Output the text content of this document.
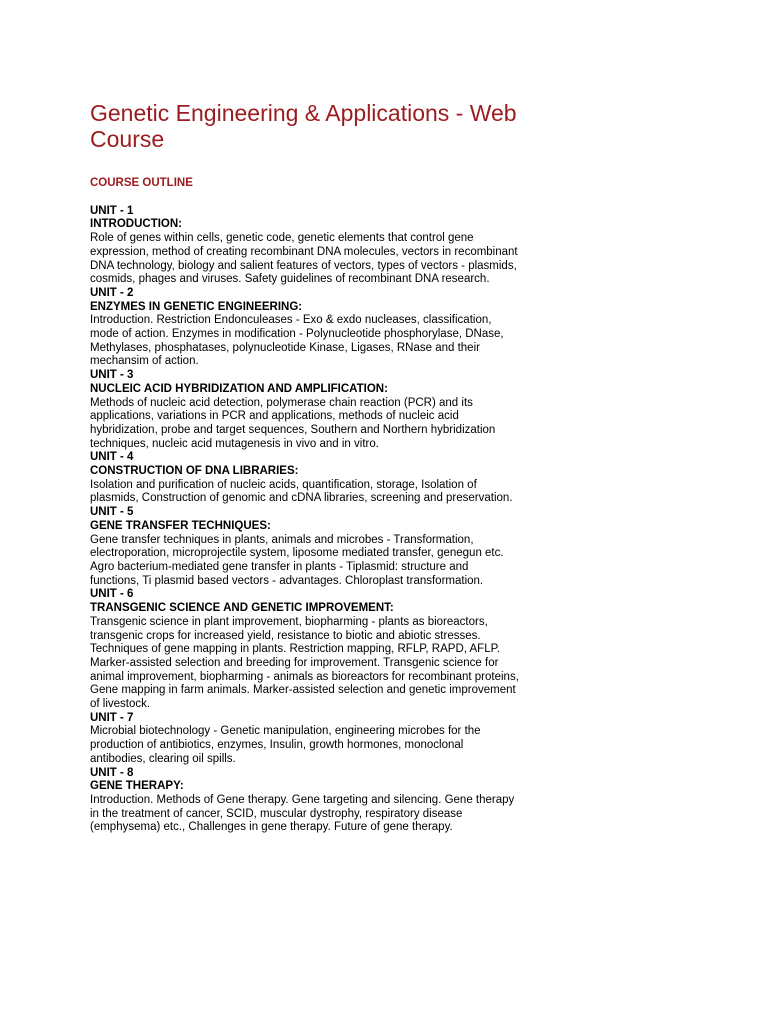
Genetic Engineering & Applications - Web Course
COURSE OUTLINE
UNIT - 1
INTRODUCTION:
Role of genes within cells, genetic code, genetic elements that control gene expression, method of creating recombinant DNA molecules, vectors in recombinant DNA technology, biology and salient features of vectors, types of vectors - plasmids, cosmids, phages and viruses. Safety guidelines of recombinant DNA research.
UNIT - 2
ENZYMES IN GENETIC ENGINEERING:
Introduction. Restriction Endonculeases - Exo & exdo nucleases, classification, mode of action. Enzymes in modification - Polynucleotide phosphorylase, DNase, Methylases, phosphatases, polynucleotide Kinase, Ligases, RNase and their mechansim of action.
UNIT - 3
NUCLEIC ACID HYBRIDIZATION AND AMPLIFICATION:
Methods of nucleic acid detection, polymerase chain reaction (PCR) and its applications, variations in PCR and applications, methods of nucleic acid hybridization, probe and target sequences, Southern and Northern hybridization techniques, nucleic acid mutagenesis in vivo and in vitro.
UNIT - 4
CONSTRUCTION OF DNA LIBRARIES:
Isolation and purification of nucleic acids, quantification, storage, Isolation of plasmids, Construction of genomic and cDNA libraries, screening and preservation.
UNIT - 5
GENE TRANSFER TECHNIQUES:
Gene transfer techniques in plants, animals and microbes - Transformation, electroporation, microprojectile system, liposome mediated transfer, genegun etc. Agro bacterium-mediated gene transfer in plants - Tiplasmid: structure and functions, Ti plasmid based vectors - advantages. Chloroplast transformation.
UNIT - 6
TRANSGENIC SCIENCE AND GENETIC IMPROVEMENT:
Transgenic science in plant improvement, biopharming - plants as bioreactors, transgenic crops for increased yield, resistance to biotic and abiotic stresses. Techniques of gene mapping in plants. Restriction mapping, RFLP, RAPD, AFLP. Marker-assisted selection and breeding for improvement. Transgenic science for animal improvement, biopharming - animals as bioreactors for recombinant proteins, Gene mapping in farm animals. Marker-assisted selection and genetic improvement of livestock.
UNIT - 7
Microbial biotechnology - Genetic manipulation, engineering microbes for the production of antibiotics, enzymes, Insulin, growth hormones, monoclonal antibodies, clearing oil spills.
UNIT - 8
GENE THERAPY:
Introduction. Methods of Gene therapy. Gene targeting and silencing. Gene therapy in the treatment of cancer, SCID, muscular dystrophy, respiratory disease (emphysema) etc., Challenges in gene therapy. Future of gene therapy.
